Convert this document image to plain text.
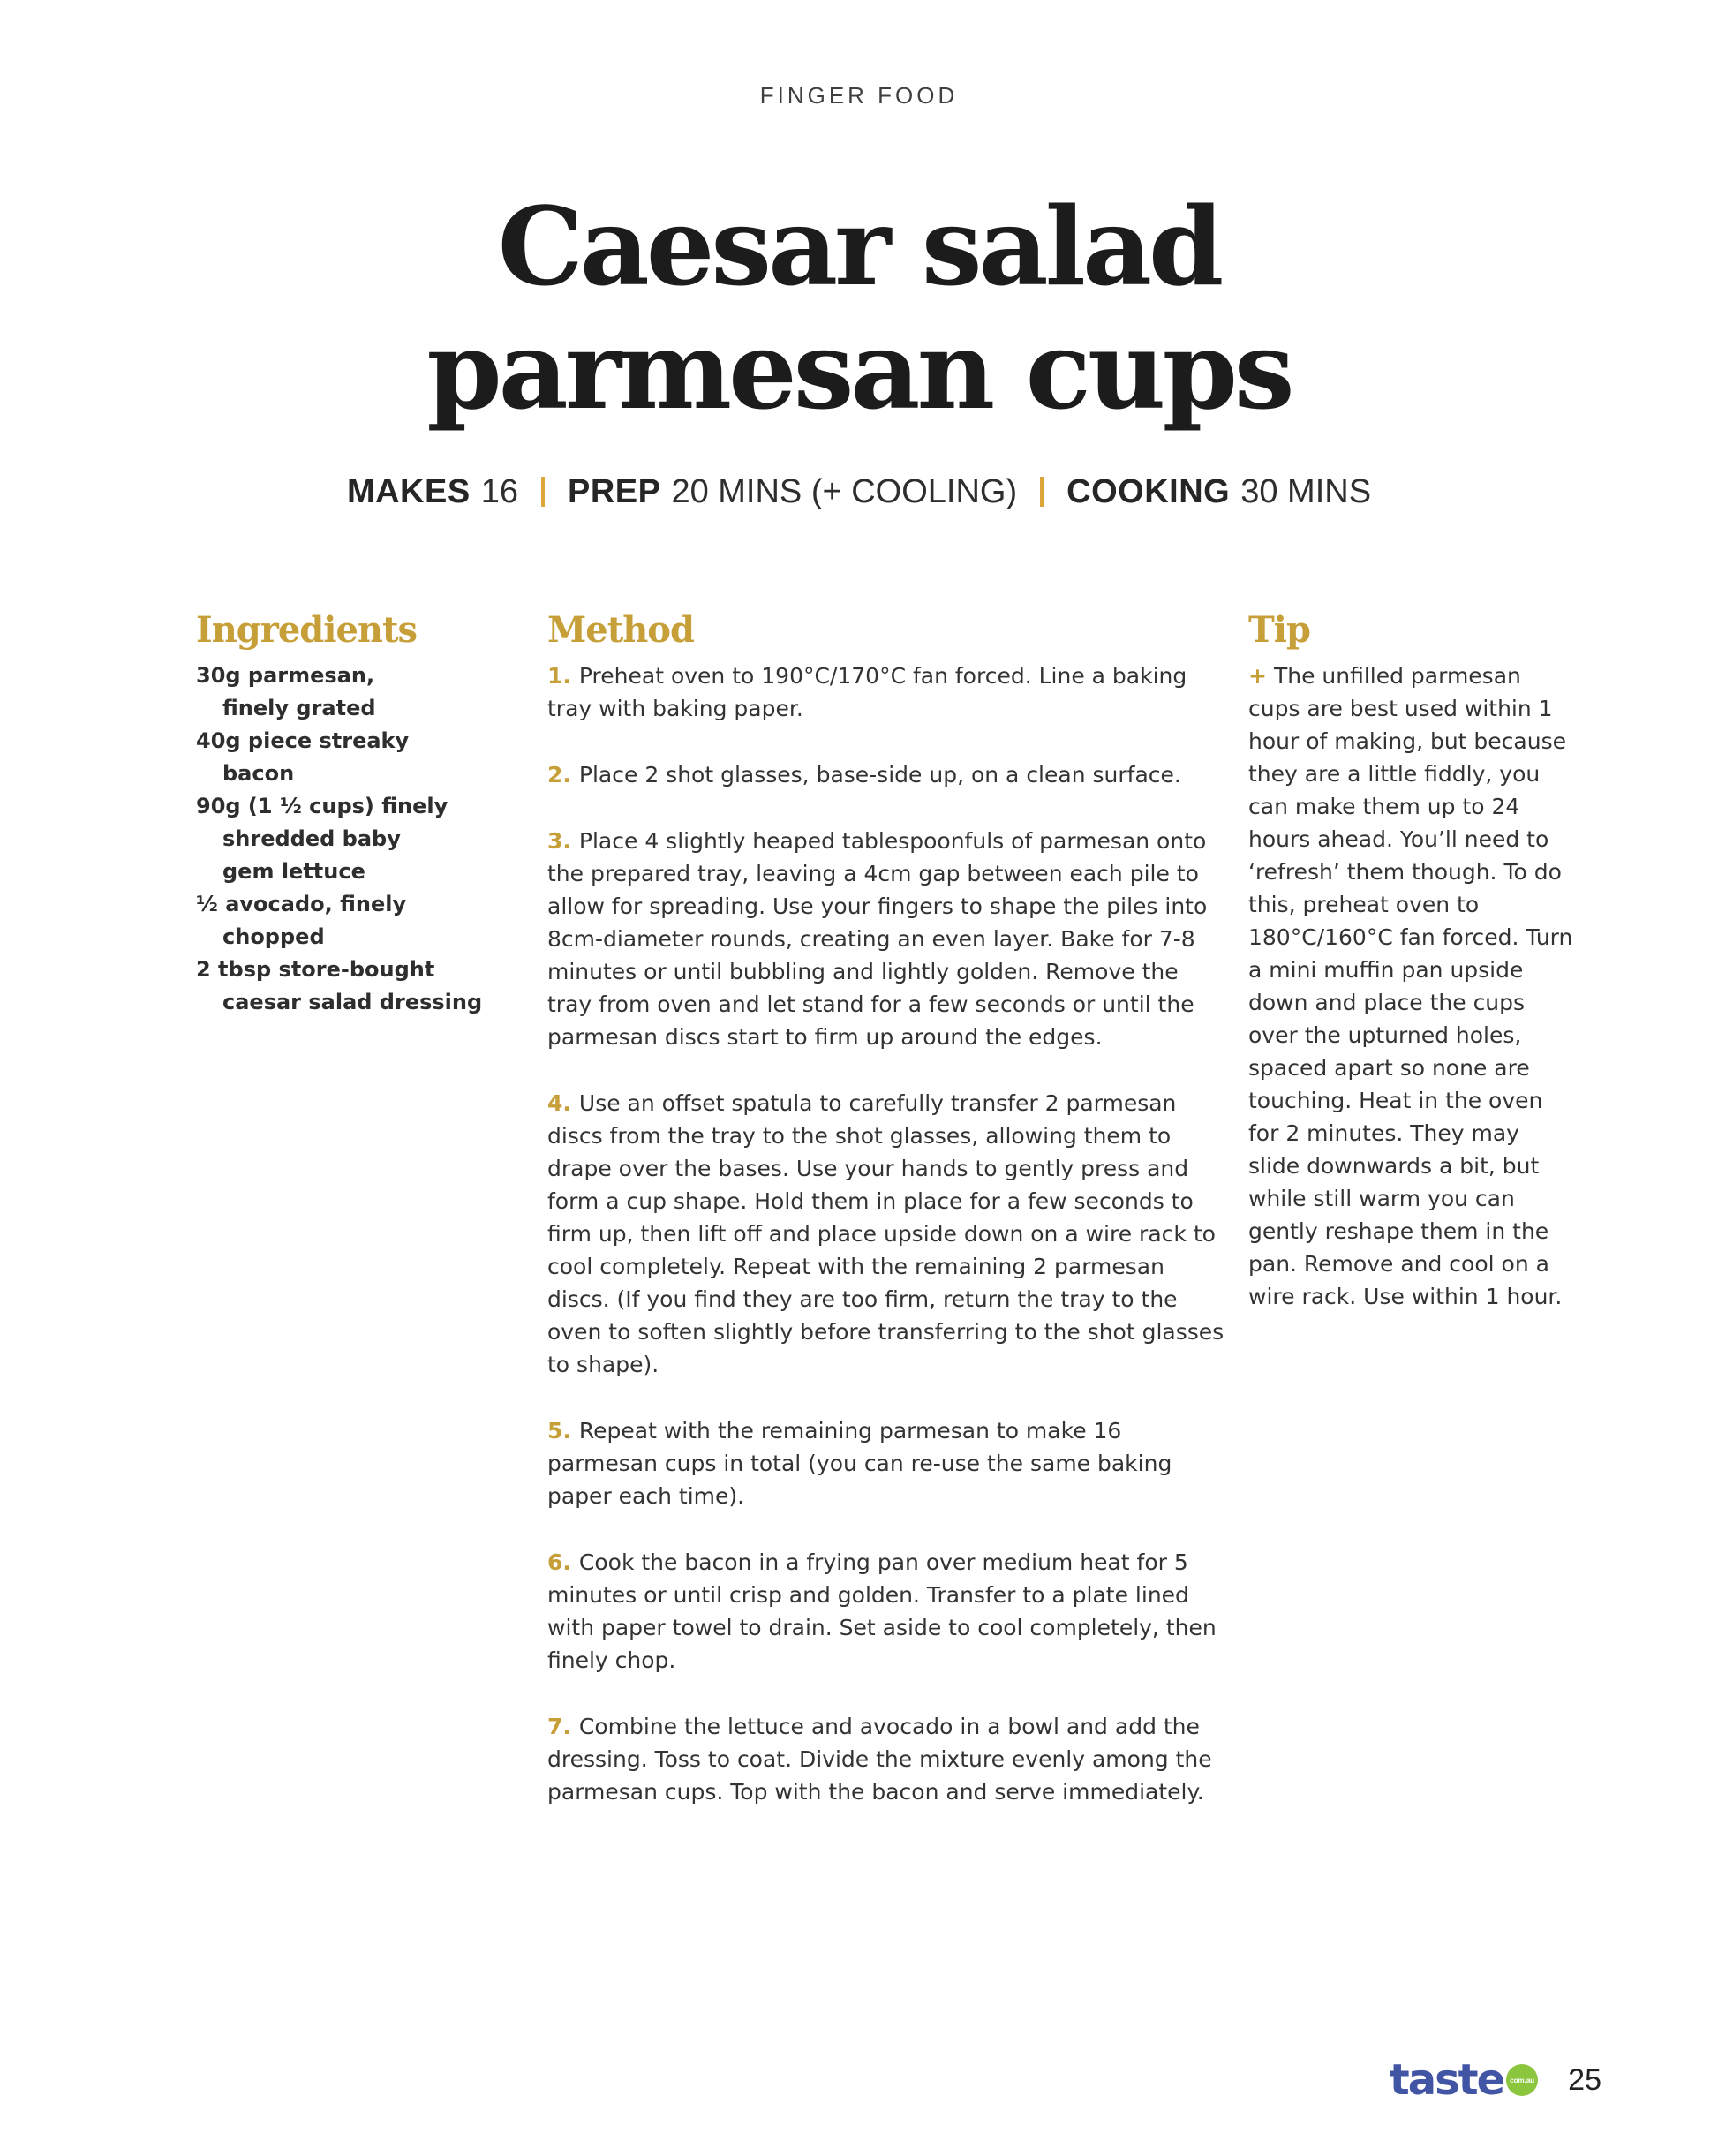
FINGER FOOD
Caesar salad parmesan cups
MAKES 16 PREP 20 MINS (+ COOLING) COOKING 30 MINS
Ingredients
30g parmesan,
finely grated
40g piece streaky
bacon
90g (1 ½ cups) finely
shredded baby
gem lettuce
½ avocado, finely
chopped
2 tbsp store-bought
caesar salad dressing
Method

1. Preheat oven to 190°C/170°C fan forced. Line a baking tray with baking paper.

2. Place 2 shot glasses, base-side up, on a clean surface.

3. Place 4 slightly heaped tablespoonfuls of parmesan onto the prepared tray, leaving a 4cm gap between each pile to allow for spreading. Use your fingers to shape the piles into 8cm-diameter rounds, creating an even layer. Bake for 7-8 minutes or until bubbling and lightly golden. Remove the tray from oven and let stand for a few seconds or until the parmesan discs start to firm up around the edges.

4. Use an offset spatula to carefully transfer 2 parmesan discs from the tray to the shot glasses, allowing them to drape over the bases. Use your hands to gently press and form a cup shape. Hold them in place for a few seconds to firm up, then lift off and place upside down on a wire rack to cool completely. Repeat with the remaining 2 parmesan discs. (If you find they are too firm, return the tray to the oven to soften slightly before transferring to the shot glasses to shape).

5. Repeat with the remaining parmesan to make 16 parmesan cups in total (you can re-use the same baking paper each time).

6. Cook the bacon in a frying pan over medium heat for 5 minutes or until crisp and golden. Transfer to a plate lined with paper towel to drain. Set aside to cool completely, then finely chop.

7. Combine the lettuce and avocado in a bowl and add the dressing. Toss to coat. Divide the mixture evenly among the parmesan cups. Top with the bacon and serve immediately.

Tip

+ The unfilled parmesan cups are best used within 1 hour of making, but because they are a little fiddly, you can make them up to 24 hours ahead. You’ll need to ‘refresh’ them though. To do this, preheat oven to 180°C/160°C fan forced. Turn a mini muffin pan upside down and place the cups over the upturned holes, spaced apart so none are touching. Heat in the oven for 2 minutes. They may slide downwards a bit, but while still warm you can gently reshape them in the pan. Remove and cool on a wire rack. Use within 1 hour.

taste com.au 25
